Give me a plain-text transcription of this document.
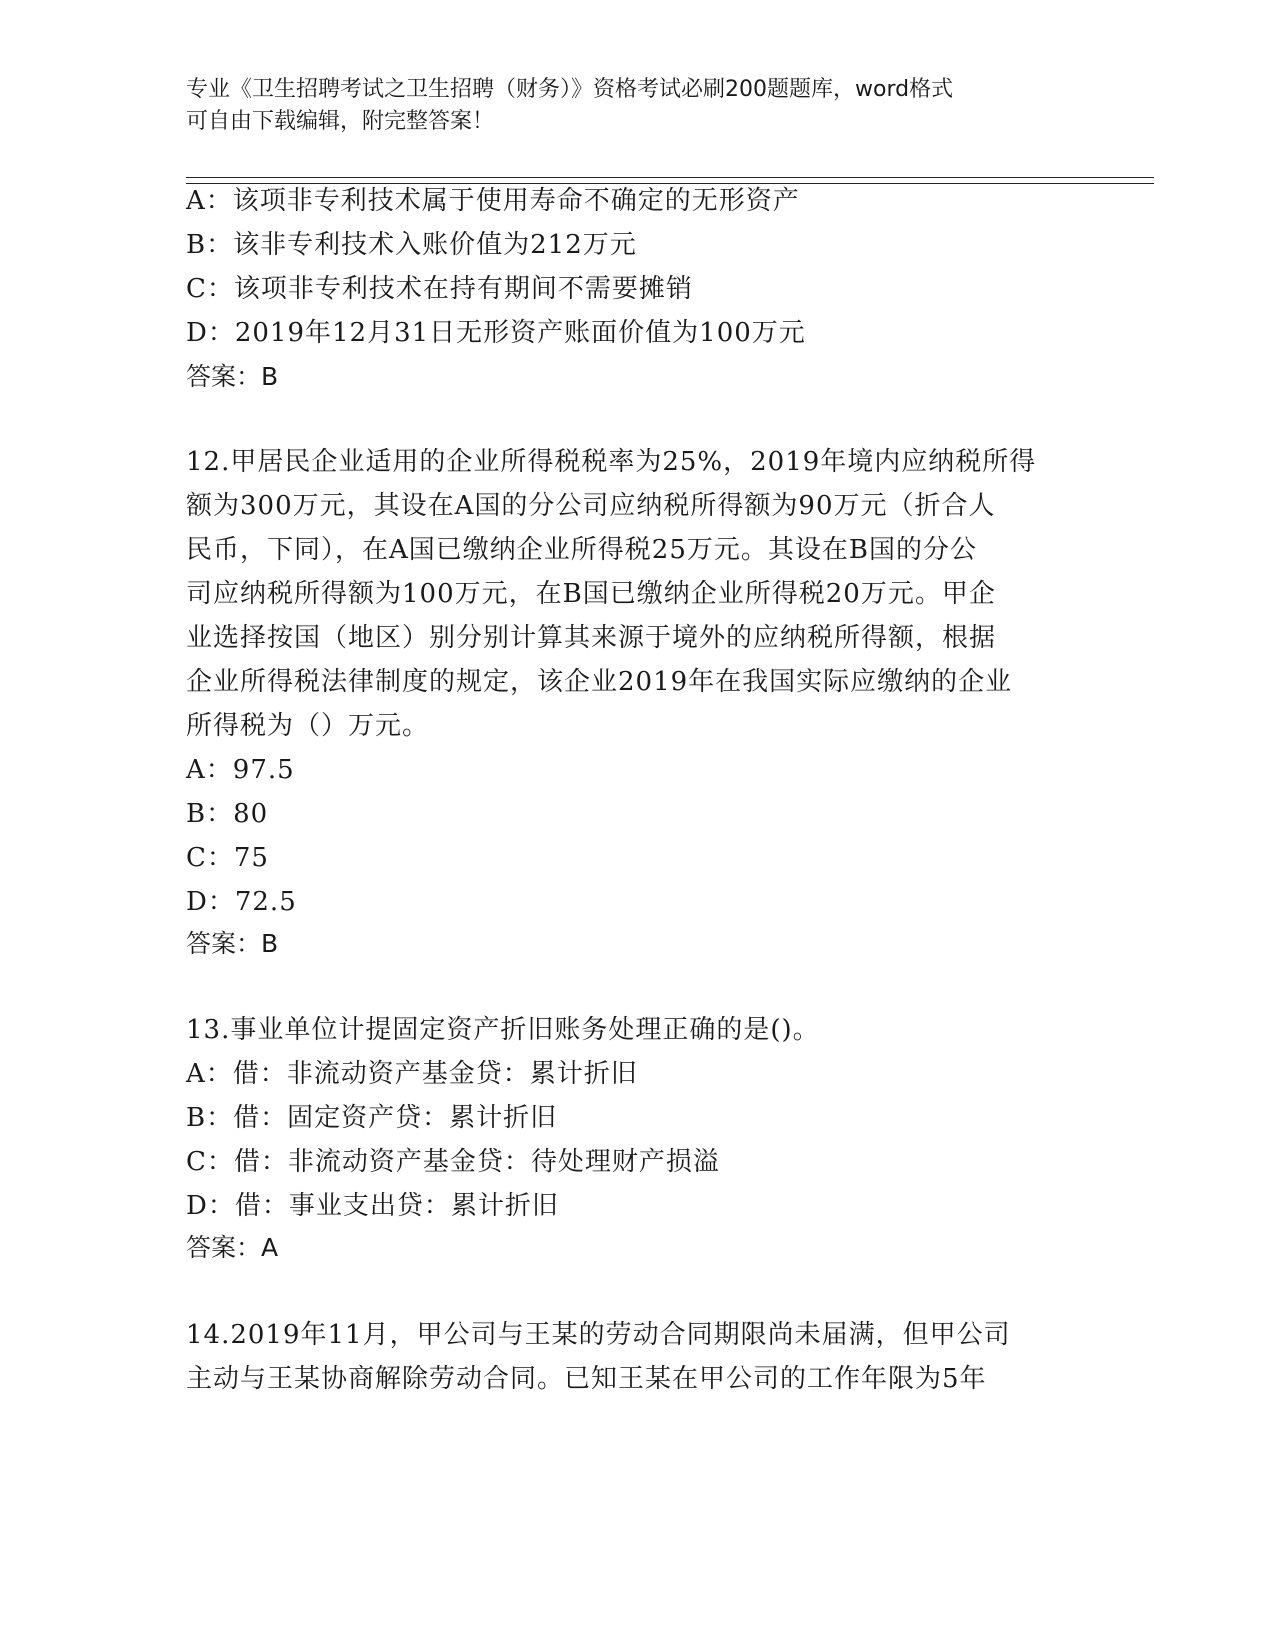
专业《卫生招聘考试之卫生招聘（财务）》资格考试必刷200题题库，word格式
可自由下载编辑，附完整答案！
A：该项非专利技术属于使用寿命不确定的无形资产
B：该非专利技术入账价值为212万元
C：该项非专利技术在持有期间不需要摊销
D：2019年12月31日无形资产账面价值为100万元
答案：B
12.甲居民企业适用的企业所得税税率为25%，2019年境内应纳税所得
额为300万元，其设在A国的分公司应纳税所得额为90万元（折合人
民币，下同），在A国已缴纳企业所得税25万元。其设在B国的分公
司应纳税所得额为100万元，在B国已缴纳企业所得税20万元。甲企
业选择按国（地区）别分别计算其来源于境外的应纳税所得额，根据
企业所得税法律制度的规定，该企业2019年在我国实际应缴纳的企业
所得税为（）万元。
A：97.5
B：80
C：75
D：72.5
答案：B
13.事业单位计提固定资产折旧账务处理正确的是()。
A：借：非流动资产基金贷：累计折旧
B：借：固定资产贷：累计折旧
C：借：非流动资产基金贷：待处理财产损溢
D：借：事业支出贷：累计折旧
答案：A
14.2019年11月，甲公司与王某的劳动合同期限尚未届满，但甲公司
主动与王某协商解除劳动合同。已知王某在甲公司的工作年限为5年
